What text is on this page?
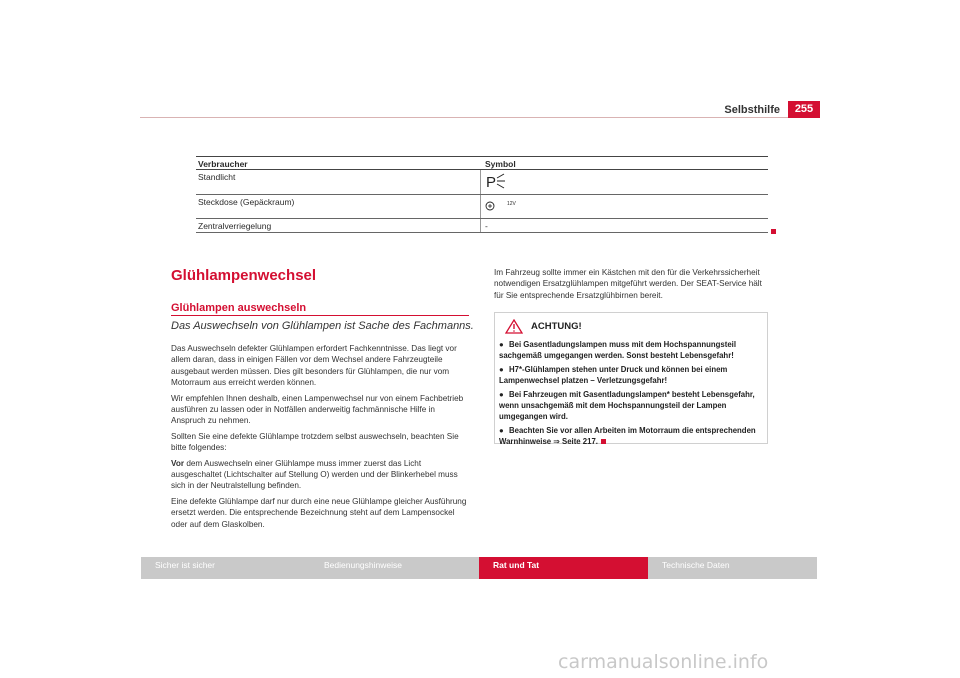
Selbsthilfe	255
Verbraucher	Symbol
Standlicht	P
Steckdose (Gepäckraum)	$^{12V}$
Zentralverriegelung	-
Glühlampenwechsel
Glühlampen auswechseln
Das Auswechseln von Glühlampen ist Sache des Fachmanns.

Das Auswechseln defekter Glühlampen erfordert Fachkenntnisse. Das liegt vor allem daran, dass in einigen Fällen vor dem Wechsel andere Fahrzeugteile ausgebaut werden müssen. Dies gilt besonders für Glühlampen, die nur vom Motorraum aus erreicht werden können.

Wir empfehlen Ihnen deshalb, einen Lampenwechsel nur von einem Fachbetrieb ausführen zu lassen oder in Notfällen anderweitig fachmännische Hilfe in Anspruch zu nehmen.

Sollten Sie eine defekte Glühlampe trotzdem selbst auswechseln, beachten Sie bitte folgendes:

Vor dem Auswechseln einer Glühlampe muss immer zuerst das Licht ausgeschaltet (Lichtschalter auf Stellung O) werden und der Blinkerhebel muss sich in der Neutralstellung befinden.

Eine defekte Glühlampe darf nur durch eine neue Glühlampe gleicher Ausführung ersetzt werden. Die entsprechende Bezeichnung steht auf dem Lampensockel oder auf dem Glaskolben.

Im Fahrzeug sollte immer ein Kästchen mit den für die Verkehrssicherheit notwendigen Ersatzglühlampen mitgeführt werden. Der SEAT-Service hält für Sie entsprechende Ersatzglühbirnen bereit.
ACHTUNG!
● Bei Gasentladungslampen muss mit dem Hochspannungsteil sachgemäß umgegangen werden. Sonst besteht Lebensgefahr!
● H7*-Glühlampen stehen unter Druck und können bei einem Lampenwechsel platzen – Verletzungsgefahr!
● Bei Fahrzeugen mit Gasentladungslampen* besteht Lebensgefahr, wenn unsachgemäß mit dem Hochspannungsteil der Lampen umgegangen wird.
● Beachten Sie vor allen Arbeiten im Motorraum die entsprechenden Warnhinweise ⇒ Seite 217.
Sicher ist sicher	Bedienungshinweise	Rat und Tat	Technische Daten
carmanualsonline.info
